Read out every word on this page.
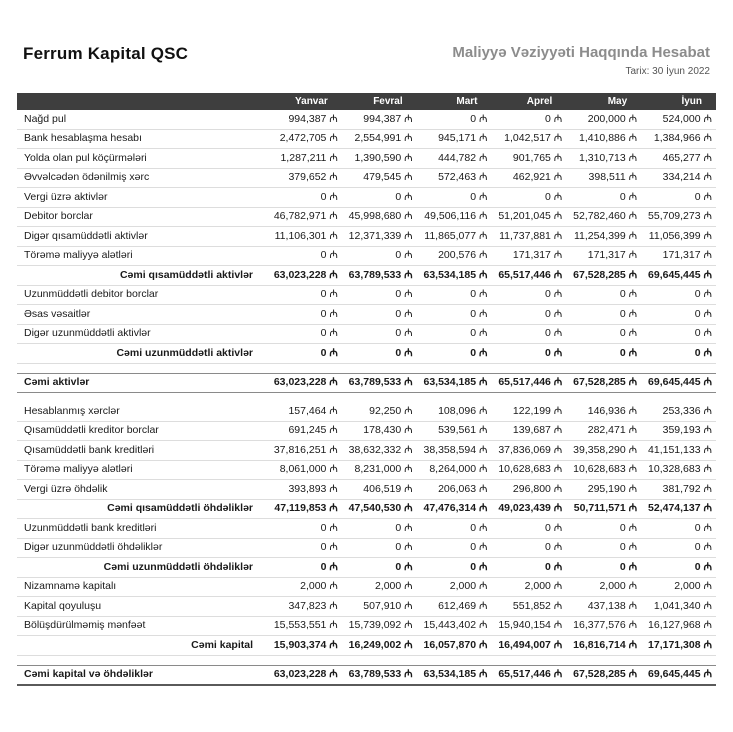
Ferrum Kapital QSC	Maliyyə Vəziyyəti Haqqında Hesabat
Tarix: 30 İyun 2022
	Yanvar	Fevral	Mart	Aprel	May	İyun
Nağd pul	994,387 ₼	994,387 ₼	0 ₼	0 ₼	200,000 ₼	524,000 ₼
Bank hesablaşma hesabı	2,472,705 ₼	2,554,991 ₼	945,171 ₼	1,042,517 ₼	1,410,886 ₼	1,384,966 ₼
Yolda olan pul köçürmələri	1,287,211 ₼	1,390,590 ₼	444,782 ₼	901,765 ₼	1,310,713 ₼	465,277 ₼
Əvvəlcədən ödənilmiş xərc	379,652 ₼	479,545 ₼	572,463 ₼	462,921 ₼	398,511 ₼	334,214 ₼
Vergi üzrə aktivlər	0 ₼	0 ₼	0 ₼	0 ₼	0 ₼	0 ₼
Debitor borclar	46,782,971 ₼	45,998,680 ₼	49,506,116 ₼	51,201,045 ₼	52,782,460 ₼	55,709,273 ₼
Digər qısamüddətli aktivlər	11,106,301 ₼	12,371,339 ₼	11,865,077 ₼	11,737,881 ₼	11,254,399 ₼	11,056,399 ₼
Törəmə maliyyə alətləri	0 ₼	0 ₼	200,576 ₼	171,317 ₼	171,317 ₼	171,317 ₼
Cəmi qısamüddətli aktivlər	63,023,228 ₼	63,789,533 ₼	63,534,185 ₼	65,517,446 ₼	67,528,285 ₼	69,645,445 ₼
Uzunmüddətli debitor borclar	0 ₼	0 ₼	0 ₼	0 ₼	0 ₼	0 ₼
Əsas vəsaitlər	0 ₼	0 ₼	0 ₼	0 ₼	0 ₼	0 ₼
Digər uzunmüddətli aktivlər	0 ₼	0 ₼	0 ₼	0 ₼	0 ₼	0 ₼
Cəmi uzunmüddətli aktivlər	0 ₼	0 ₼	0 ₼	0 ₼	0 ₼	0 ₼

Cəmi aktivlər	63,023,228 ₼	63,789,533 ₼	63,534,185 ₼	65,517,446 ₼	67,528,285 ₼	69,645,445 ₼

Hesablanmış xərclər	157,464 ₼	92,250 ₼	108,096 ₼	122,199 ₼	146,936 ₼	253,336 ₼
Qısamüddətli kreditor borclar	691,245 ₼	178,430 ₼	539,561 ₼	139,687 ₼	282,471 ₼	359,193 ₼
Qısamüddətli bank kreditləri	37,816,251 ₼	38,632,332 ₼	38,358,594 ₼	37,836,069 ₼	39,358,290 ₼	41,151,133 ₼
Törəmə maliyyə alətləri	8,061,000 ₼	8,231,000 ₼	8,264,000 ₼	10,628,683 ₼	10,628,683 ₼	10,328,683 ₼
Vergi üzrə öhdəlik	393,893 ₼	406,519 ₼	206,063 ₼	296,800 ₼	295,190 ₼	381,792 ₼
Cəmi qısamüddətli öhdəliklər	47,119,853 ₼	47,540,530 ₼	47,476,314 ₼	49,023,439 ₼	50,711,571 ₼	52,474,137 ₼
Uzunmüddətli bank kreditləri	0 ₼	0 ₼	0 ₼	0 ₼	0 ₼	0 ₼
Digər uzunmüddətli öhdəliklər	0 ₼	0 ₼	0 ₼	0 ₼	0 ₼	0 ₼
Cəmi uzunmüddətli öhdəliklər	0 ₼	0 ₼	0 ₼	0 ₼	0 ₼	0 ₼
Nizamnamə kapitalı	2,000 ₼	2,000 ₼	2,000 ₼	2,000 ₼	2,000 ₼	2,000 ₼
Kapital qoyuluşu	347,823 ₼	507,910 ₼	612,469 ₼	551,852 ₼	437,138 ₼	1,041,340 ₼
Bölüşdürülməmiş mənfəət	15,553,551 ₼	15,739,092 ₼	15,443,402 ₼	15,940,154 ₼	16,377,576 ₼	16,127,968 ₼
Cəmi kapital	15,903,374 ₼	16,249,002 ₼	16,057,870 ₼	16,494,007 ₼	16,816,714 ₼	17,171,308 ₼

Cəmi kapital və öhdəliklər	63,023,228 ₼	63,789,533 ₼	63,534,185 ₼	65,517,446 ₼	67,528,285 ₼	69,645,445 ₼
